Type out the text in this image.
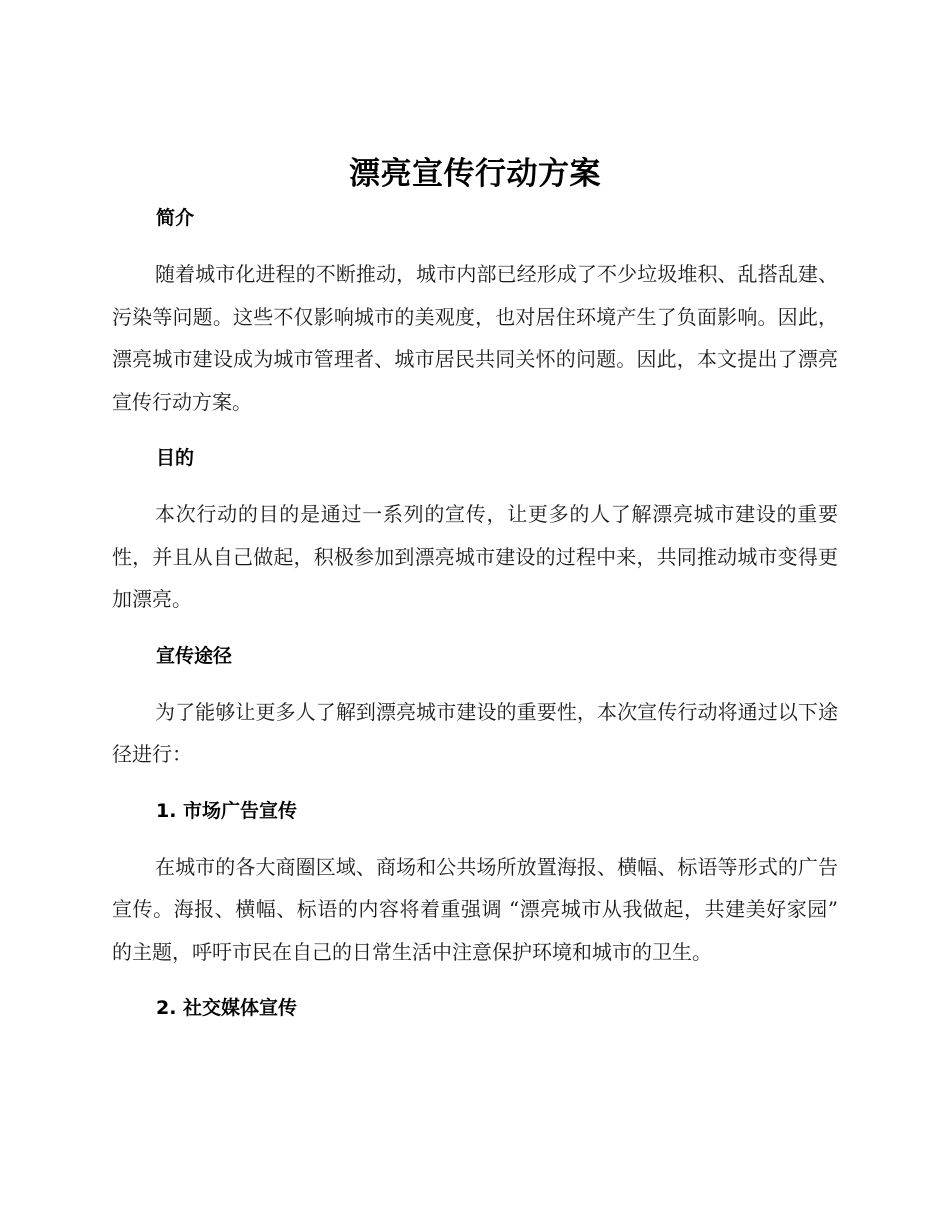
漂亮宣传行动方案
简介

随着城市化进程的不断推动，城市内部已经形成了不少垃圾堆积、乱搭乱建、污染等问题。这些不仅影响城市的美观度，也对居住环境产生了负面影响。因此，漂亮城市建设成为城市管理者、城市居民共同关怀的问题。因此，本文提出了漂亮宣传行动方案。

目的

本次行动的目的是通过一系列的宣传，让更多的人了解漂亮城市建设的重要性，并且从自己做起，积极参加到漂亮城市建设的过程中来，共同推动城市变得更加漂亮。

宣传途径

为了能够让更多人了解到漂亮城市建设的重要性，本次宣传行动将通过以下途径进行：

1. 市场广告宣传

在城市的各大商圈区域、商场和公共场所放置海报、横幅、标语等形式的广告宣传。海报、横幅、标语的内容将着重强调 “漂亮城市从我做起，共建美好家园” 的主题，呼吁市民在自己的日常生活中注意保护环境和城市的卫生。

2. 社交媒体宣传
